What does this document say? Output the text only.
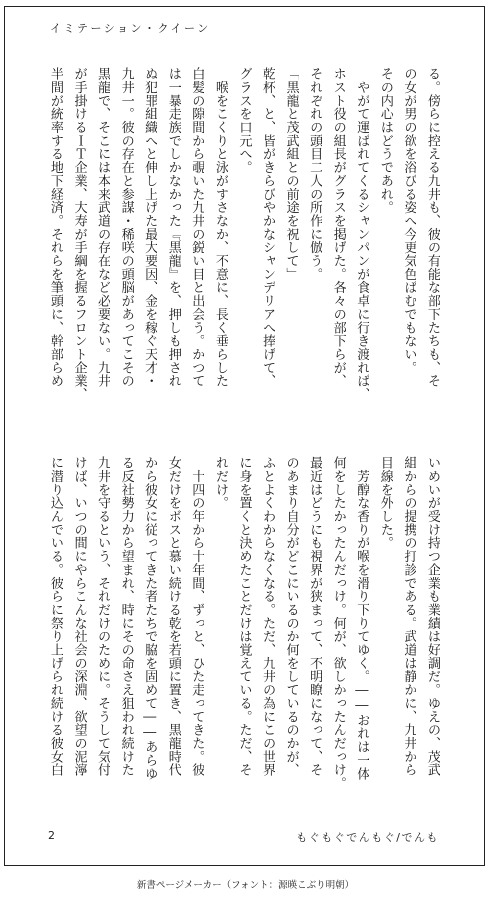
イミテーション・クイーン
る。傍らに控える九井も、彼の有能な部下たちも、そ
の女が男の欲を浴びる姿へ今更気色ばむでもない。
その内心はどうであれ。
　やがて運ばれてくるシャンパンが食卓に行き渡れば、
ホスト役の組長がグラスを掲げた。各々の部下らが、
それぞれの頭目二人の所作に倣う。
「黒龍と茂武組との前途を祝して」
乾杯、と、皆がきらびやかなシャンデリアへ捧げて、
グラスを口元へ。
　喉をこくりと泳がすさなか、不意に、長く垂らした
白髪の隙間から覗いた九井の鋭い目と出会う。かつて
は一暴走族でしかなかった『黒龍』を、押しも押され
ぬ犯罪組織へと伸し上げた最大要因、金を稼ぐ天才・
九井一。彼の存在と参謀・稀咲の頭脳があってこその
黒龍で、そこには本来武道の存在など必要ない。九井
が手掛けるＩＴ企業、大寿が手綱を握るフロント企業、
半間が統率する地下経済。それらを筆頭に、幹部らめ
いめいが受け持つ企業も業績は好調だ。ゆえの、茂武
組からの提携の打診である。武道は静かに、九井から
目線を外した。
　芳醇な香りが喉を滑り下りてゆく。――おれは一体
何をしたかったんだっけ。何が、欲しかったんだっけ。
最近はどうにも視界が狭まって、不明瞭になって、そ
のあまり自分がどこにいるのか何をしているのかが、
ふとよくわからなくなる。ただ、九井の為にこの世界
に身を置くと決めたことだけは覚えている。ただ、そ
れだけ。
　十四の年から十年間、ずっと、ひた走ってきた。彼
女だけをボスと慕い続ける乾を若頭に置き、黒龍時代
から彼女に従ってきた者たちで脇を固めて――あらゆ
る反社勢力から望まれ、時にその命さえ狙われ続けた
九井を守るという、それだけのために。そうして気付
けば、いつの間にやらこんな社会の深淵、欲望の泥濘
に潜り込んでいる。彼らに祭り上げられ続ける彼女白
2	もぐもぐでんもぐ/でんも
新書ページメーカー（フォント：源暎こぶり明朝）
